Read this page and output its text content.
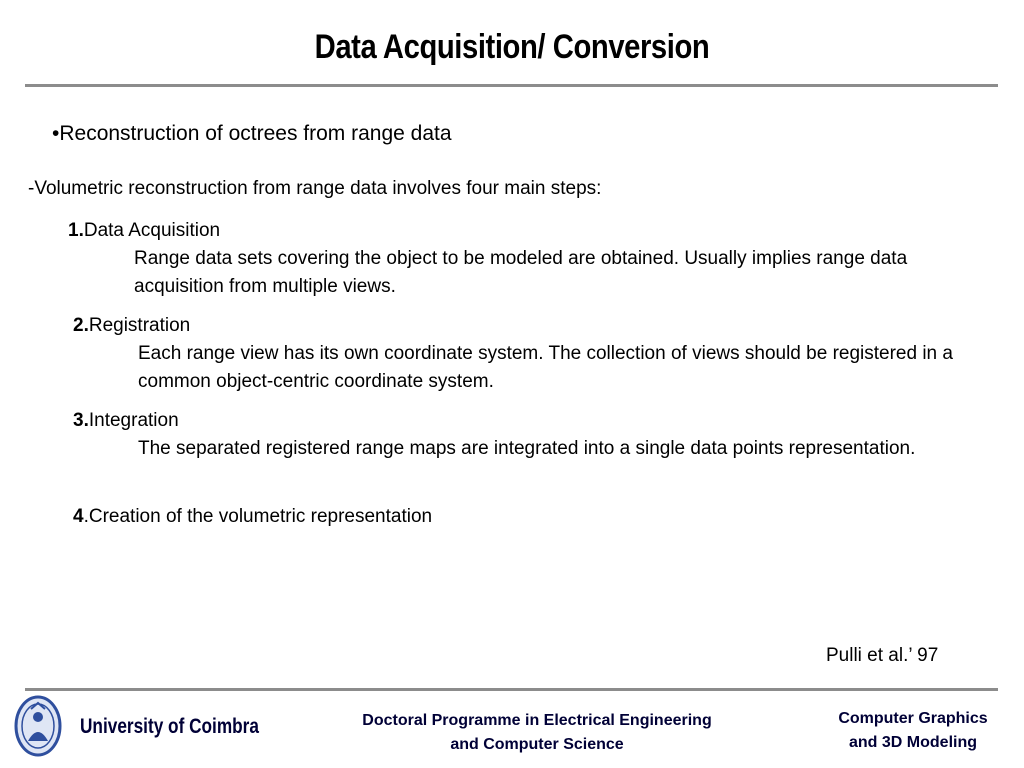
Data Acquisition/ Conversion
•Reconstruction of octrees from range data
-Volumetric reconstruction from range data involves four main steps:
1.Data Acquisition
Range data sets covering the object to be modeled are obtained. Usually implies range data acquisition from multiple views.
2.Registration
Each range view has its own coordinate system. The collection of views should be registered in a common object-centric coordinate system.
3.Integration
The separated registered range maps are integrated into a single data points representation.
4.Creation of the volumetric representation
Pulli et al.’ 97
University of Coimbra	Doctoral Programme in Electrical Engineering
and Computer Science
Computer Graphics
and 3D Modeling
